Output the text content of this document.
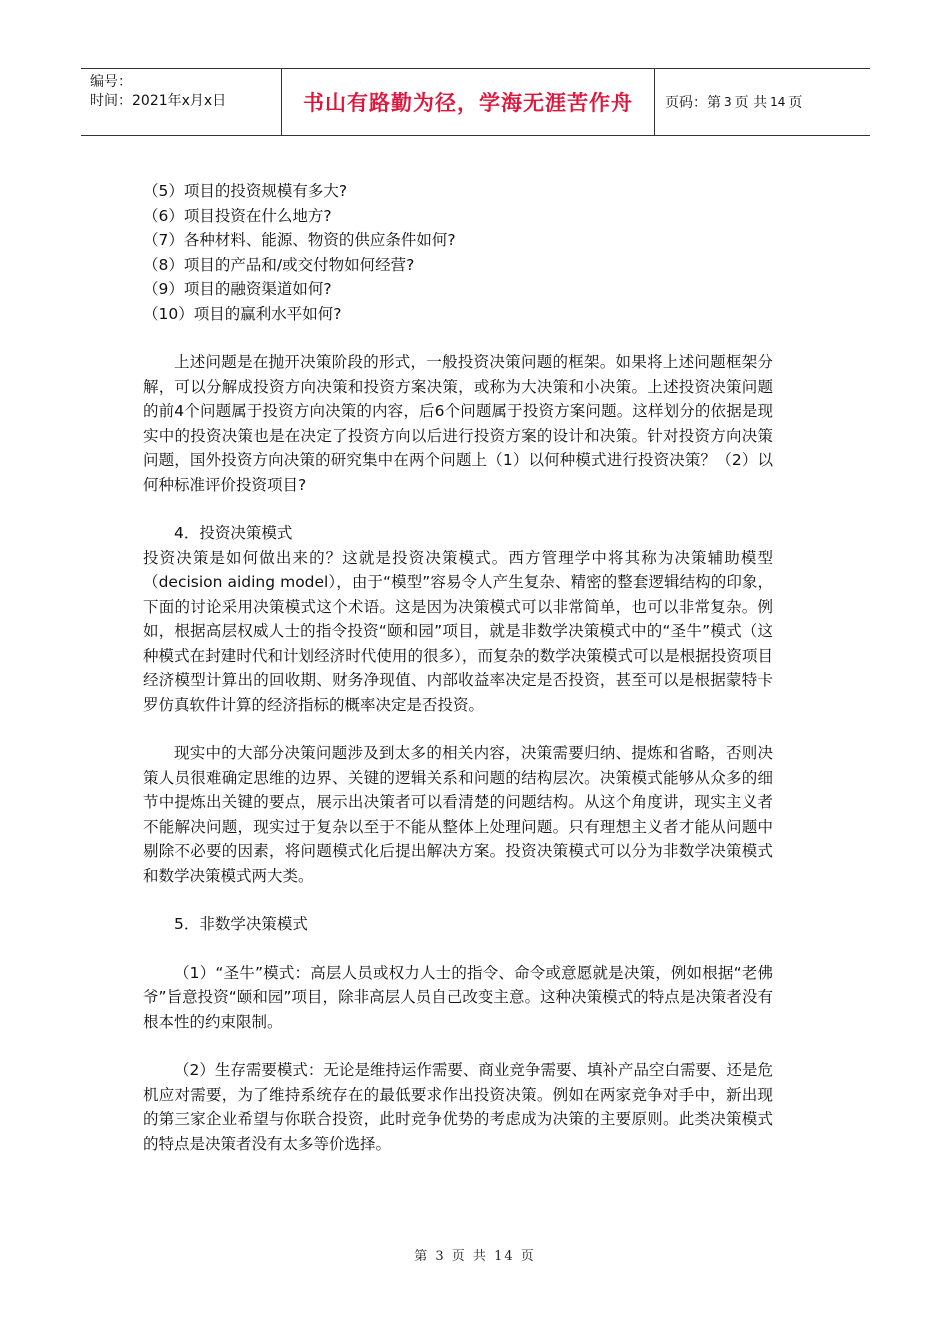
编号：
时间：2021年x月x日	书山有路勤为径，学海无涯苦作舟 页码：第 3 页 共 14 页

（5）项目的投资规模有多大?

（6）项目投资在什么地方?

（7）各种材料、能源、物资的供应条件如何?

（8）项目的产品和/或交付物如何经营?

（9）项目的融资渠道如何?

（10）项目的赢利水平如何?

上述问题是在抛开决策阶段的形式，一般投资决策问题的框架。如果将上述问题框架分解，可以分解成投资方向决策和投资方案决策，或称为大决策和小决策。上述投资决策问题的前4个问题属于投资方向决策的内容，后6个问题属于投资方案问题。这样划分的依据是现实中的投资决策也是在决定了投资方向以后进行投资方案的设计和决策。针对投资方向决策问题，国外投资方向决策的研究集中在两个问题上（1）以何种模式进行投资决策？（2）以何种标准评价投资项目?

4．投资决策模式

投资决策是如何做出来的？这就是投资决策模式。西方管理学中将其称为决策辅助模型（decision aiding model），由于“模型”容易令人产生复杂、精密的整套逻辑结构的印象，下面的讨论采用决策模式这个术语。这是因为决策模式可以非常简单，也可以非常复杂。例如，根据高层权威人士的指令投资“颐和园”项目，就是非数学决策模式中的“圣牛”模式（这种模式在封建时代和计划经济时代使用的很多），而复杂的数学决策模式可以是根据投资项目经济模型计算出的回收期、财务净现值、内部收益率决定是否投资，甚至可以是根据蒙特卡罗仿真软件计算的经济指标的概率决定是否投资。

现实中的大部分决策问题涉及到太多的相关内容，决策需要归纳、提炼和省略，否则决策人员很难确定思维的边界、关键的逻辑关系和问题的结构层次。决策模式能够从众多的细节中提炼出关键的要点，展示出决策者可以看清楚的问题结构。从这个角度讲，现实主义者不能解决问题，现实过于复杂以至于不能从整体上处理问题。只有理想主义者才能从问题中剔除不必要的因素，将问题模式化后提出解决方案。投资决策模式可以分为非数学决策模式和数学决策模式两大类。

5．非数学决策模式

（1）“圣牛”模式：高层人员或权力人士的指令、命令或意愿就是决策，例如根据“老佛爷”旨意投资“颐和园”项目，除非高层人员自己改变主意。这种决策模式的特点是决策者没有根本性的约束限制。

（2）生存需要模式：无论是维持运作需要、商业竞争需要、填补产品空白需要、还是危机应对需要，为了维持系统存在的最低要求作出投资决策。例如在两家竞争对手中，新出现的第三家企业希望与你联合投资，此时竞争优势的考虑成为决策的主要原则。此类决策模式的特点是决策者没有太多等价选择。

第 3 页 共 14 页
